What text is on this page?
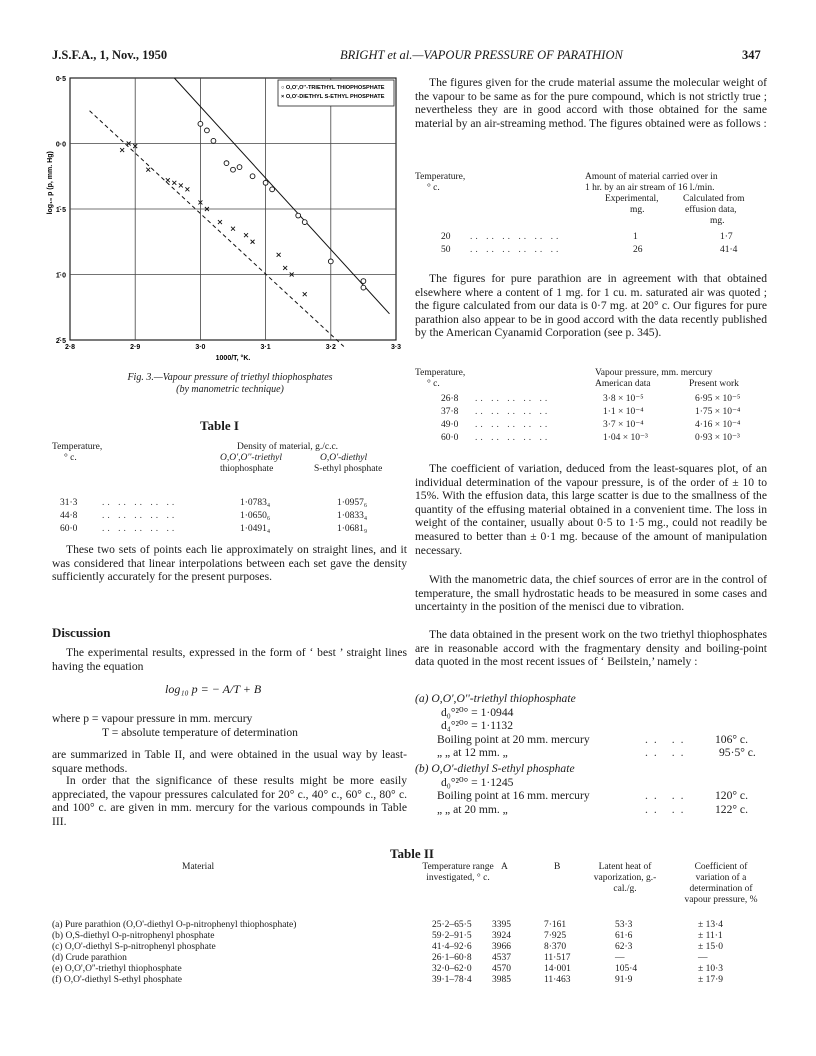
J.S.F.A., 1, Nov., 1950	BRIGHT et al.—VAPOUR PRESSURE OF PARATHION	347
2·8	2·9	3·0	3·1	3·2	3·3
0·5
0·0
1̄·5
1̄·0
2̄·5
1000/T, °K.
log₁₀ p (p, mm. Hg)
○ O,O',O''-TRIETHYL THIOPHOSPHATE
× O,O'-DIETHYL S-ETHYL PHOSPHATE
Fig. 3.—Vapour pressure of triethyl thiophosphates
(by manometric technique)
Table I
Temperature,
° c.
Density of material, g./c.c.
O,O',O''-triethyl
thiophosphate
O,O'-diethyl
S-ethyl phosphate
31·3	.. .. .. .. ..	1·0783₄	1·0957₆
44·8	.. .. .. .. ..	1·0650₆	1·0833₄
60·0	.. .. .. .. ..	1·0491₄	1·0681₉

These two sets of points each lie approximately on straight lines, and it was considered that linear interpolations between each set gave the density sufficiently accurately for the present purposes.

Discussion

The experimental results, expressed in the form of ‘ best ’ straight lines having the equation

log₁₀ p = − A/T + B
where p = vapour pressure in mm. mercury
T = absolute temperature of determination

are summarized in Table II, and were obtained in the usual way by least-square methods.

In order that the significance of these results might be more easily appreciated, the vapour pressures calculated for 20° c., 40° c., 60° c., 80° c. and 100° c. are given in mm. mercury for the various compounds in Table III.

The figures given for the crude material assume the molecular weight of the vapour to be same as for the pure compound, which is not strictly true ; nevertheless they are in good accord with those obtained for the same material by an air-streaming method. The figures obtained were as follows :

Temperature,
° c.
Amount of material carried over in
1 hr. by an air stream of 16 l./min.
Experimental,
mg.
Calculated from
effusion data,
mg.
20 .. .. .. .. .. ..	1	1·7
50 .. .. .. .. .. ..	26	41·4

The figures for pure parathion are in agreement with that obtained elsewhere where a content of 1 mg. for 1 cu. m. saturated air was quoted ; the figure calculated from our data is 0·7 mg. at 20° c. Our figures for pure parathion also appear to be in good accord with the data recently published by the American Cyanamid Corporation (see p. 345).

Temperature,
° c.
Vapour pressure, mm. mercury
American data	Present work
26·8 .. .. .. .. ..	3·8 × 10⁻⁵	6·95 × 10⁻⁵
37·8 .. .. .. .. ..	1·1 × 10⁻⁴	1·75 × 10⁻⁴
49·0 .. .. .. .. ..	3·7 × 10⁻⁴	4·16 × 10⁻⁴
60·0 .. .. .. .. ..	1·04 × 10⁻³	0·93 × 10⁻³

The coefficient of variation, deduced from the least-squares plot, of an individual determination of the vapour pressure, is of the order of ± 10 to 15%. With the effusion data, this large scatter is due to the smallness of the quantity of the effusing material obtained in a convenient time. The loss in weight of the container, usually about 0·5 to 1·5 mg., could not readily be measured to better than ± 0·1 mg. because of the amount of manipulation necessary.

With the manometric data, the chief sources of error are in the control of temperature, the small hydrostatic heads to be measured in some cases and uncertainty in the position of the menisci due to vibration.

The data obtained in the present work on the two triethyl thiophosphates are in reasonable accord with the fragmentary density and boiling-point data quoted in the most recent issues of ‘ Beilstein,’ namely :

(a) O,O',O''-triethyl thiophosphate
d₀°²⁰° = 1·0944
d₄°²⁰° = 1·1132
Boiling point at 20 mm. mercury	.. .. 106° c.
„ „ at 12 mm. „	.. ..	95·5° c.
(b) O,O'-diethyl S-ethyl phosphate
d₀°²⁰° = 1·1245
Boiling point at 16 mm. mercury	.. .. 120° c.
„ „ at 20 mm. „	.. .. 122° c.
Table II
Material	Temperature range investigated, ° c.
A	B	Latent heat of vaporization, g.-cal./g.
Coefficient of variation of a determination of vapour pressure, %
(a) Pure parathion (O,O'-diethyl O-p-nitrophenyl thiophosphate)	25·2–65·5 3395	7·161	53·3	± 13·4
(b) O,S-diethyl O-p-nitrophenyl phosphate	59·2–91·5 3924	7·925	61·6	± 11·1
(c) O,O'-diethyl S-p-nitrophenyl phosphate	41·4–92·6 3966	8·370	62·3	± 15·0
(d) Crude parathion	26·1–60·8 4537	11·517	—	—
(e) O,O',O''-triethyl thiophosphate	32·0–62·0 4570	14·001	105·4	± 10·3
(f) O,O'-diethyl S-ethyl phosphate	39·1–78·4 3985	11·463	91·9	± 17·9
